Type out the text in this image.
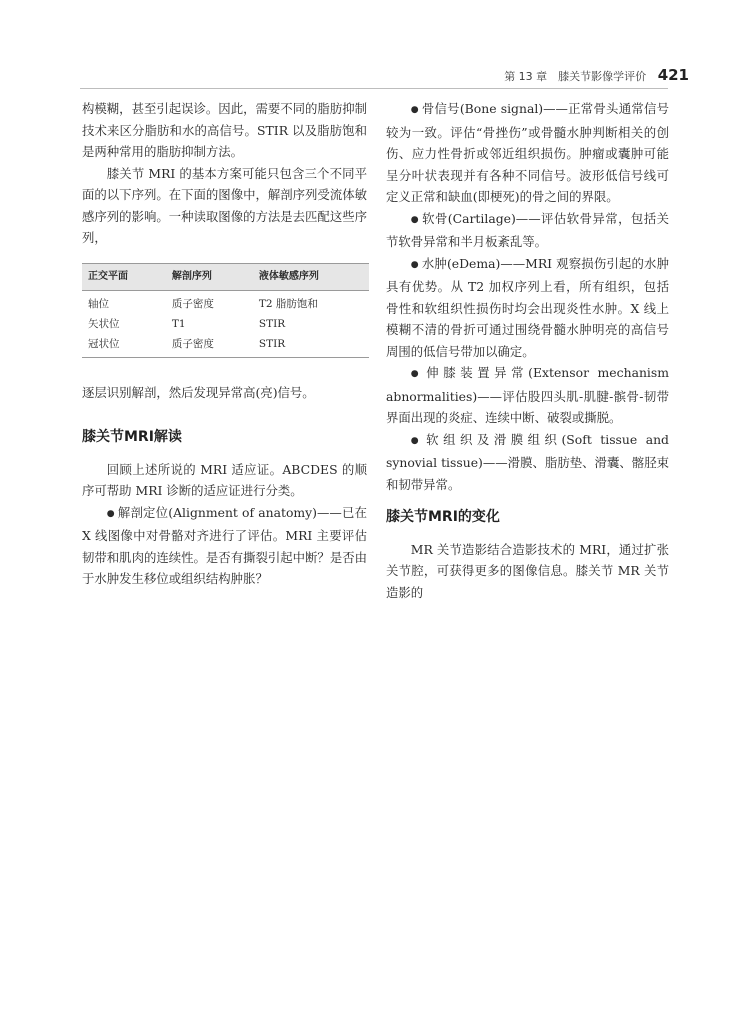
第 13 章　膝关节影像学评价 421

构模糊，甚至引起误诊。因此，需要不同的脂肪抑制技术来区分脂肪和水的高信号。STIR 以及脂肪饱和是两种常用的脂肪抑制方法。

膝关节 MRI 的基本方案可能只包含三个不同平面的以下序列。在下面的图像中，解剖序列受流体敏感序列的影响。一种读取图像的方法是去匹配这些序列，

正交平面	解剖序列	液体敏感序列
轴位	质子密度	T2 脂肪饱和
矢状位	T1	STIR
冠状位	质子密度	STIR

逐层识别解剖，然后发现异常高(亮)信号。

膝关节MRI解读

回顾上述所说的 MRI 适应证。ABCDES 的顺序可帮助 MRI 诊断的适应证进行分类。

● 解剖定位(Alignment of anatomy)——已在 X 线图像中对骨骼对齐进行了评估。MRI 主要评估韧带和肌肉的连续性。是否有撕裂引起中断？是否由于水肿发生移位或组织结构肿胀？

● 骨信号(Bone signal)——正常骨头通常信号较为一致。评估“骨挫伤”或骨髓水肿判断相关的创伤、应力性骨折或邻近组织损伤。肿瘤或囊肿可能呈分叶状表现并有各种不同信号。波形低信号线可定义正常和缺血(即梗死)的骨之间的界限。

● 软骨(Cartilage)——评估软骨异常，包括关节软骨异常和半月板紊乱等。

● 水肿(eDema)——MRI 观察损伤引起的水肿具有优势。从 T2 加权序列上看，所有组织，包括骨性和软组织性损伤时均会出现炎性水肿。X 线上模糊不清的骨折可通过围绕骨髓水肿明亮的高信号周围的低信号带加以确定。

● 伸膝装置异常(Extensor mechanism abnormalities)——评估股四头肌-肌腱-髌骨-韧带界面出现的炎症、连续中断、破裂或撕脱。

● 软组织及滑膜组织(Soft tissue and synovial tissue)——滑膜、脂肪垫、滑囊、髂胫束和韧带异常。

膝关节MRI的变化

MR 关节造影结合造影技术的 MRI，通过扩张关节腔，可获得更多的图像信息。膝关节 MR 关节造影的
